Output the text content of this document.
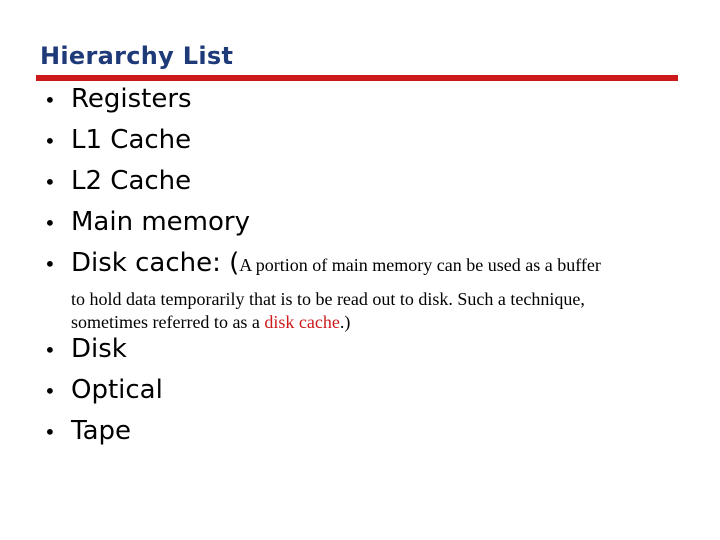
Hierarchy List
• Registers
• L1 Cache
• L2 Cache
• Main memory
• Disk cache: (A portion of main memory can be used as a buffer
to hold data temporarily that is to be read out to disk. Such a technique,
sometimes referred to as a disk cache.)
• Disk
• Optical
• Tape
